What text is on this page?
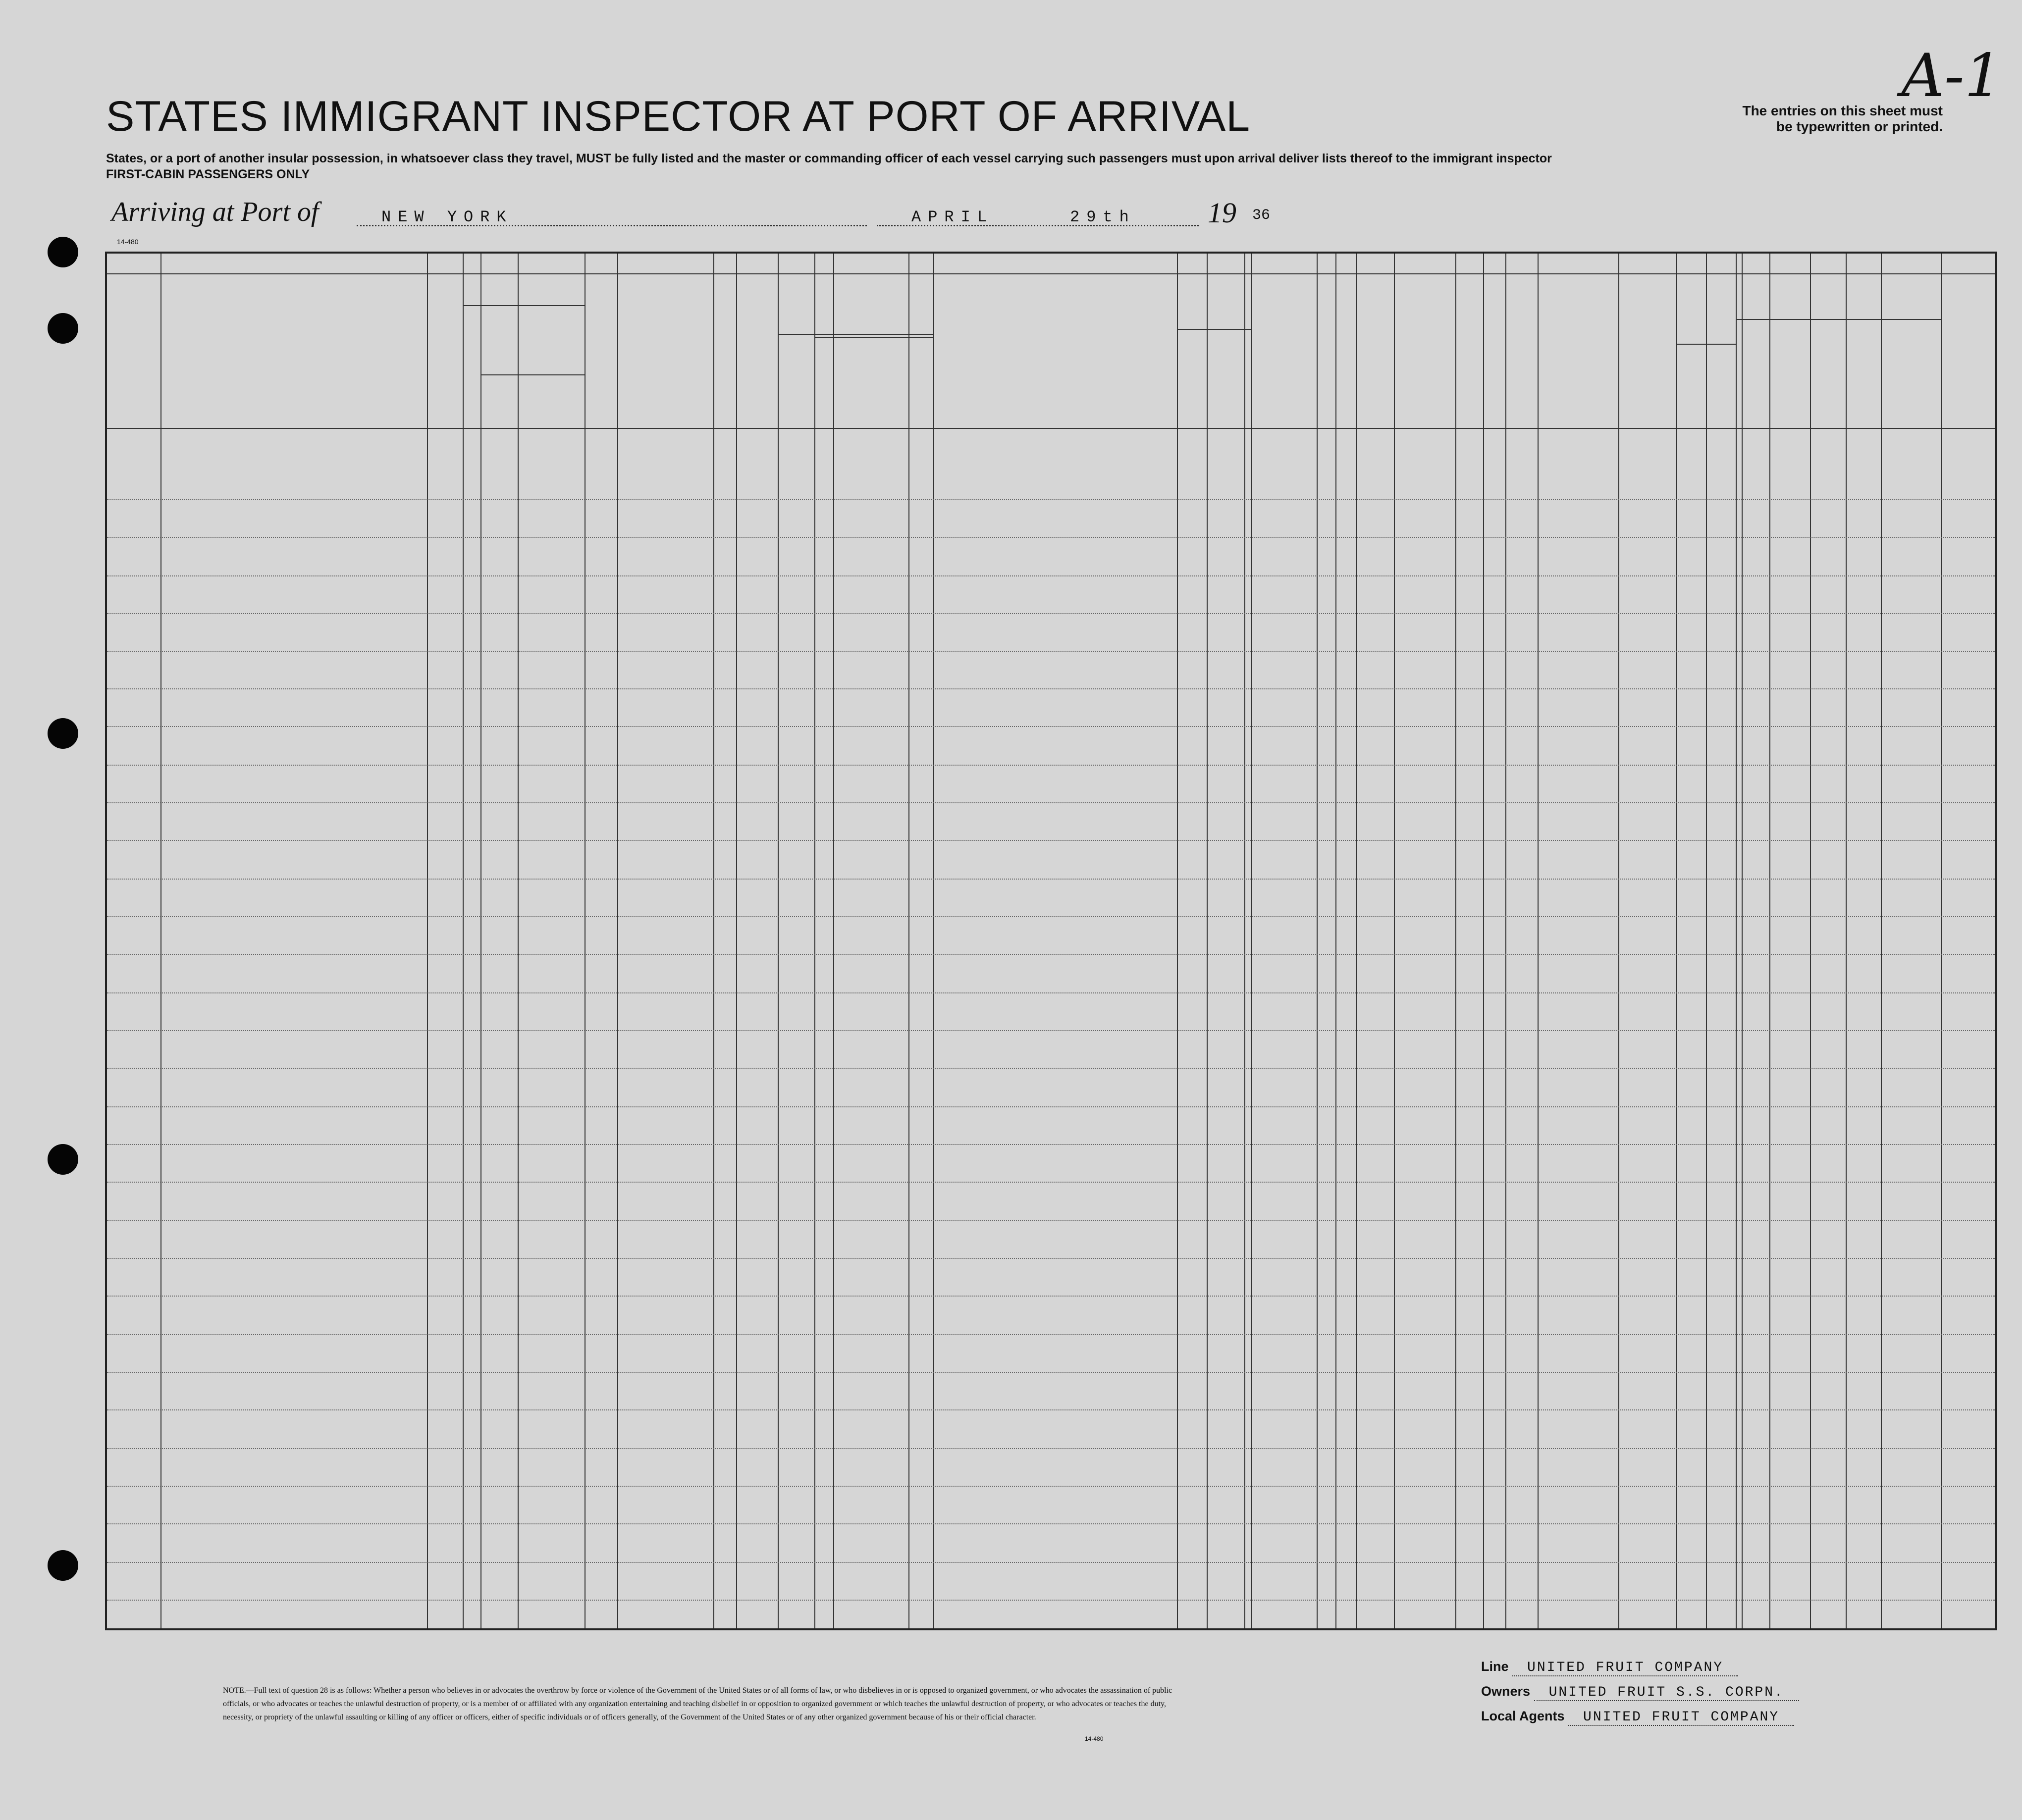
A-1
The entries on this sheet must
be typewritten or printed.
STATES IMMIGRANT INSPECTOR AT PORT OF ARRIVAL
States, or a port of another insular possession, in whatsoever class they travel, MUST be fully listed and the master or commanding officer of each vessel carrying such passengers must upon arrival deliver lists thereof to the immigrant inspector
FIRST-CABIN PASSENGERS ONLY
Arriving at Port of	NEW YORK	APRIL	29th	19 36
14-480
NOTE.—Full text of question 28 is as follows: Whether a person who believes in or advocates the overthrow by force or violence of the Government of the United States or of all forms of law, or who disbelieves in or is opposed to organized government, or who advocates the assassination of public officials, or who advocates or teaches the unlawful destruction of property, or is a member of or affiliated with any organization entertaining and teaching disbelief in or opposition to organized government or which teaches the unlawful destruction of property, or who advocates or teaches the duty, necessity, or propriety of the unlawful assaulting or killing of any officer or officers, either of specific individuals or of officers generally, of the Government of the United States or of any other organized government because of his or their official character.
14-480
Line UNITED FRUIT COMPANY
Owners UNITED FRUIT S.S. CORPN.
Local Agents UNITED FRUIT COMPANY
